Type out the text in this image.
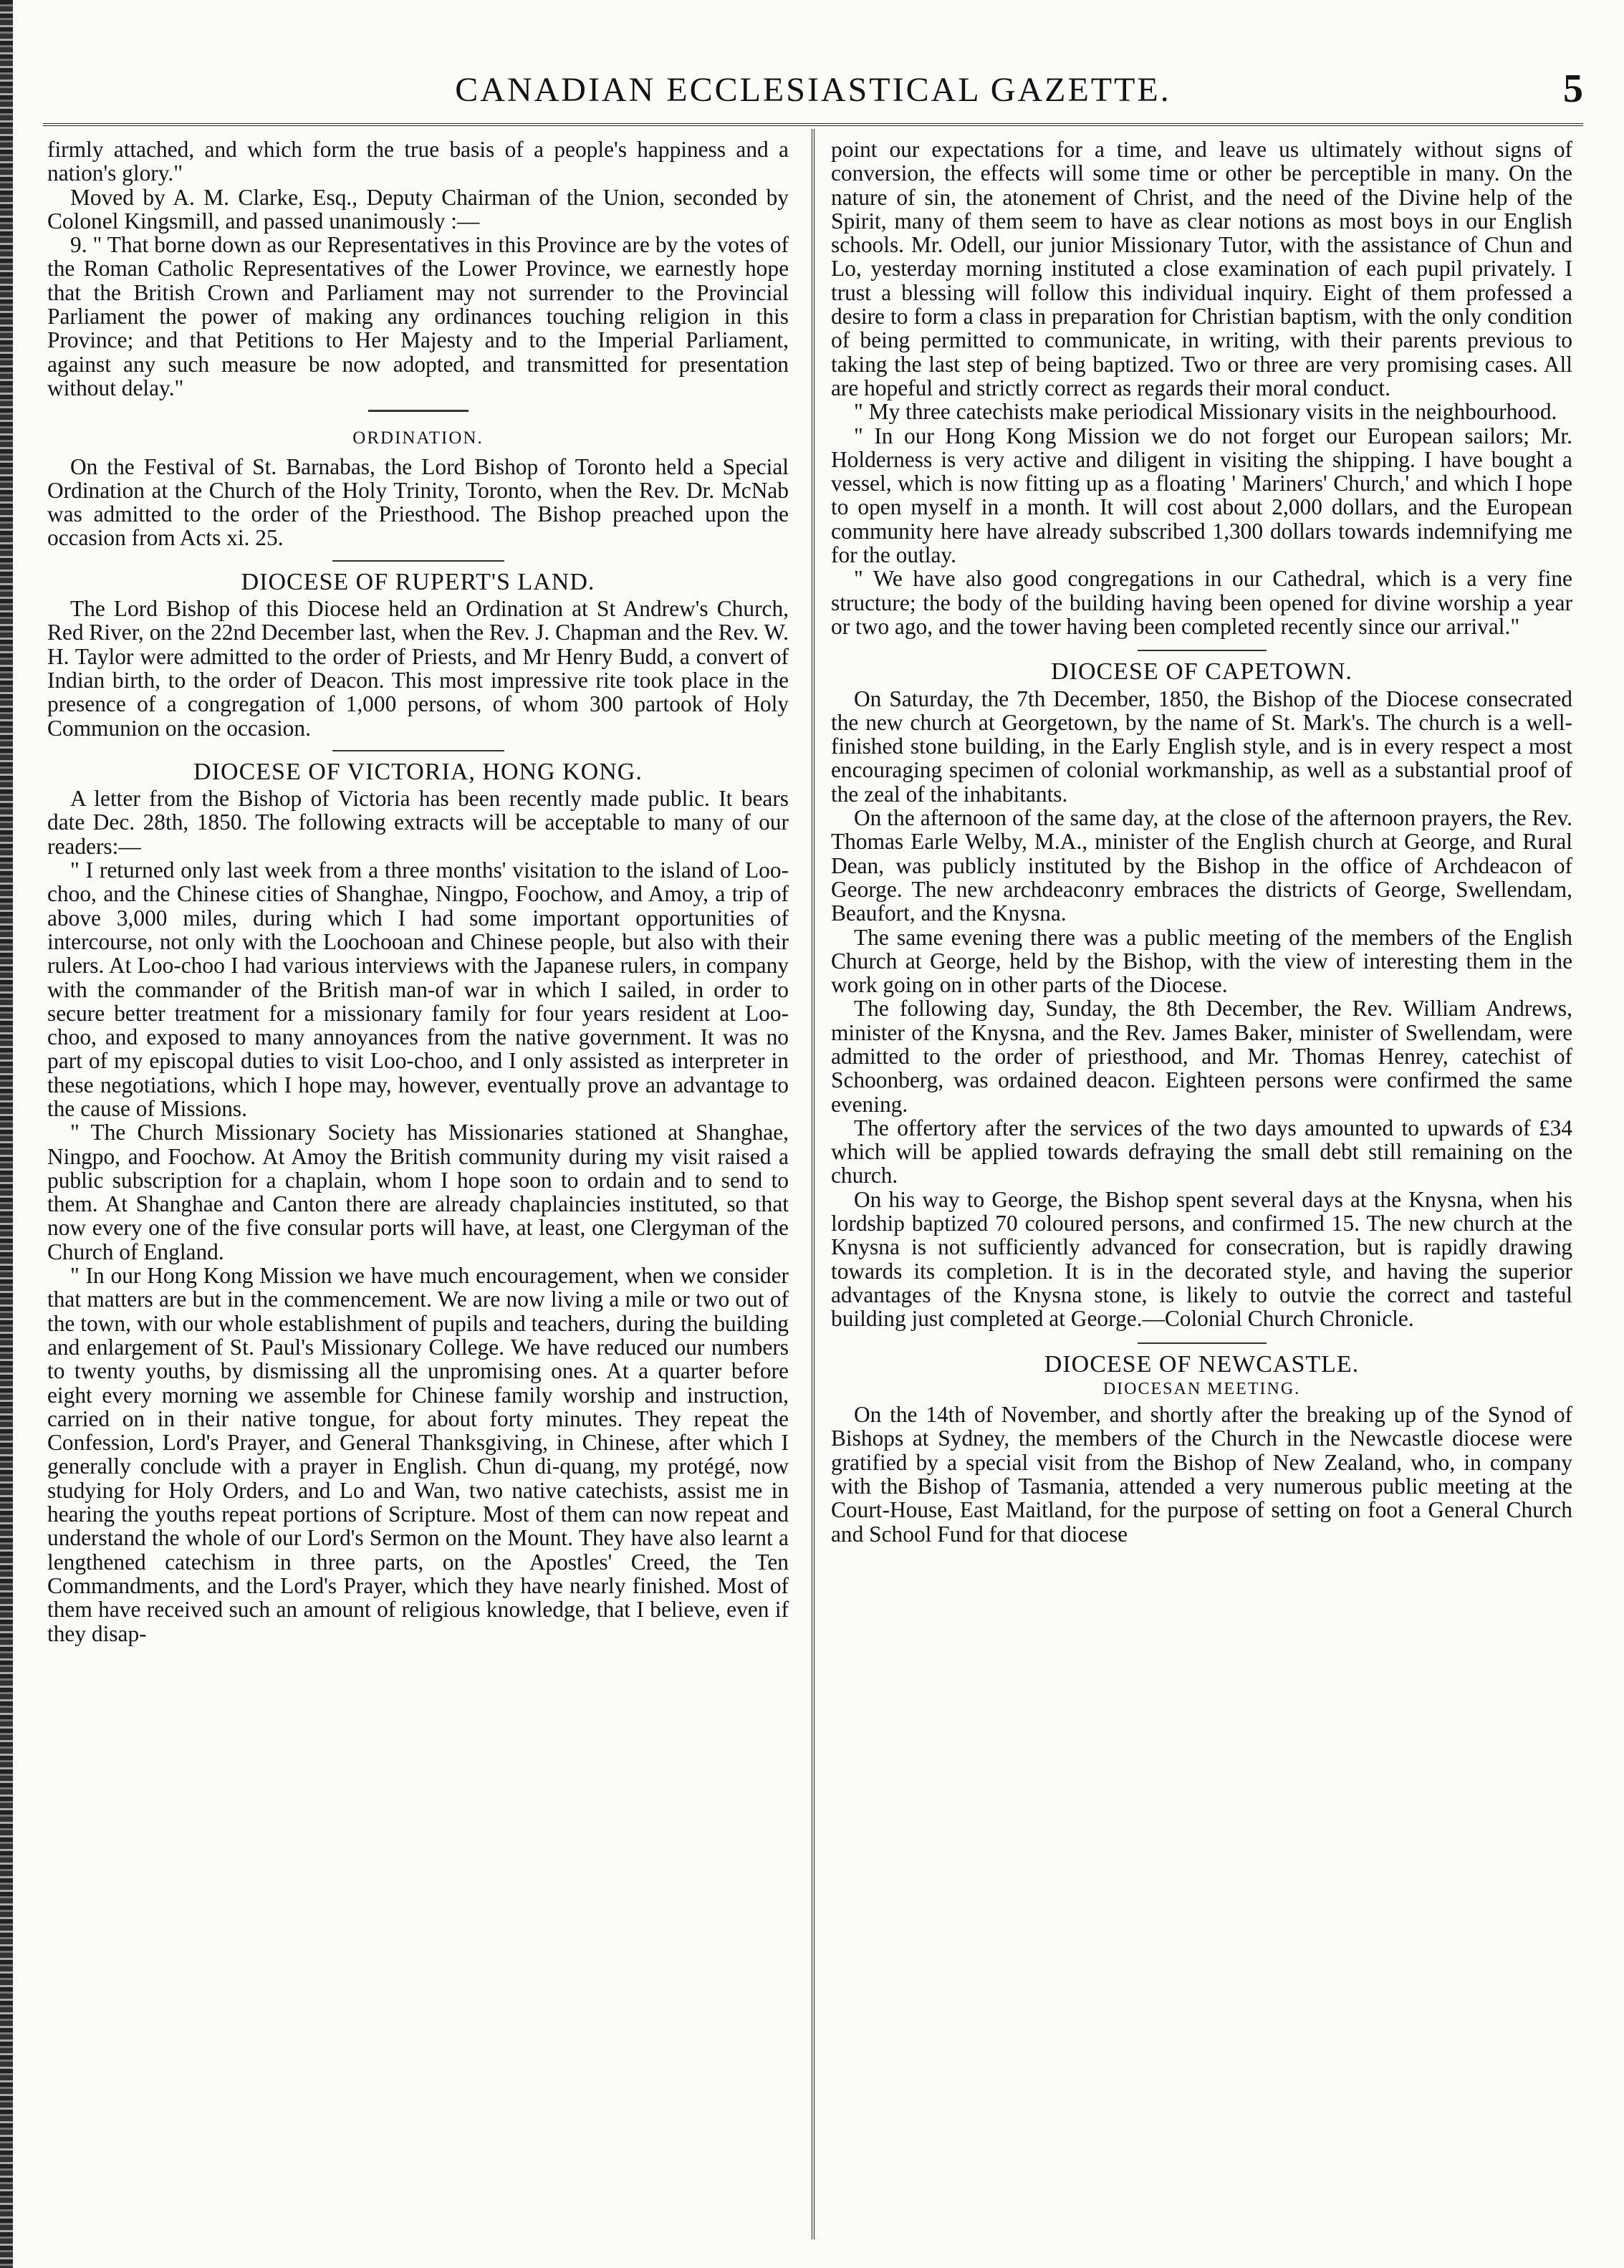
CANADIAN ECCLESIASTICAL GAZETTE.	5

firmly attached, and which form the true basis of a people's happiness and a nation's glory."

Moved by A. M. Clarke, Esq., Deputy Chairman of the Union, seconded by Colonel Kingsmill, and passed unanimously :—

9. " That borne down as our Representatives in this Province are by the votes of the Roman Catholic Representatives of the Lower Province, we earnestly hope that the British Crown and Parliament may not surrender to the Provincial Parliament the power of making any ordinances touching religion in this Province; and that Petitions to Her Majesty and to the Imperial Parliament, against any such measure be now adopted, and transmitted for presentation without delay."

ORDINATION.

On the Festival of St. Barnabas, the Lord Bishop of Toronto held a Special Ordination at the Church of the Holy Trinity, Toronto, when the Rev. Dr. McNab was admitted to the order of the Priesthood. The Bishop preached upon the occasion from Acts xi. 25.

DIOCESE OF RUPERT'S LAND.

The Lord Bishop of this Diocese held an Ordination at St Andrew's Church, Red River, on the 22nd December last, when the Rev. J. Chapman and the Rev. W. H. Taylor were admitted to the order of Priests, and Mr Henry Budd, a convert of Indian birth, to the order of Deacon. This most impressive rite took place in the presence of a congregation of 1,000 persons, of whom 300 partook of Holy Communion on the occasion.

DIOCESE OF VICTORIA, HONG KONG.

A letter from the Bishop of Victoria has been recently made public. It bears date Dec. 28th, 1850. The following extracts will be acceptable to many of our readers:—

" I returned only last week from a three months' visitation to the island of Loo-choo, and the Chinese cities of Shanghae, Ningpo, Foochow, and Amoy, a trip of above 3,000 miles, during which I had some important opportunities of intercourse, not only with the Loochooan and Chinese people, but also with their rulers. At Loo-choo I had various interviews with the Japanese rulers, in company with the commander of the British man-of war in which I sailed, in order to secure better treatment for a missionary family for four years resident at Loo-choo, and exposed to many annoyances from the native government. It was no part of my episcopal duties to visit Loo-choo, and I only assisted as interpreter in these negotiations, which I hope may, however, eventually prove an advantage to the cause of Missions.

" The Church Missionary Society has Missionaries stationed at Shanghae, Ningpo, and Foochow. At Amoy the British community during my visit raised a public subscription for a chaplain, whom I hope soon to ordain and to send to them. At Shanghae and Canton there are already chaplaincies instituted, so that now every one of the five consular ports will have, at least, one Clergyman of the Church of England.

" In our Hong Kong Mission we have much encouragement, when we consider that matters are but in the commencement. We are now living a mile or two out of the town, with our whole establishment of pupils and teachers, during the building and enlargement of St. Paul's Missionary College. We have reduced our numbers to twenty youths, by dismissing all the unpromising ones. At a quarter before eight every morning we assemble for Chinese family worship and instruction, carried on in their native tongue, for about forty minutes. They repeat the Confession, Lord's Prayer, and General Thanksgiving, in Chinese, after which I generally conclude with a prayer in English. Chun di-quang, my protégé, now studying for Holy Orders, and Lo and Wan, two native catechists, assist me in hearing the youths repeat portions of Scripture. Most of them can now repeat and understand the whole of our Lord's Sermon on the Mount. They have also learnt a lengthened catechism in three parts, on the Apostles' Creed, the Ten Commandments, and the Lord's Prayer, which they have nearly finished. Most of them have received such an amount of religious knowledge, that I believe, even if they disap-

point our expectations for a time, and leave us ultimately without signs of conversion, the effects will some time or other be perceptible in many. On the nature of sin, the atonement of Christ, and the need of the Divine help of the Spirit, many of them seem to have as clear notions as most boys in our English schools. Mr. Odell, our junior Missionary Tutor, with the assistance of Chun and Lo, yesterday morning instituted a close examination of each pupil privately. I trust a blessing will follow this individual inquiry. Eight of them professed a desire to form a class in preparation for Christian baptism, with the only condition of being permitted to communicate, in writing, with their parents previous to taking the last step of being baptized. Two or three are very promising cases. All are hopeful and strictly correct as regards their moral conduct.

" My three catechists make periodical Missionary visits in the neighbourhood.

" In our Hong Kong Mission we do not forget our European sailors; Mr. Holderness is very active and diligent in visiting the shipping. I have bought a vessel, which is now fitting up as a floating ' Mariners' Church,' and which I hope to open myself in a month. It will cost about 2,000 dollars, and the European community here have already subscribed 1,300 dollars towards indemnifying me for the outlay.

" We have also good congregations in our Cathedral, which is a very fine structure; the body of the building having been opened for divine worship a year or two ago, and the tower having been completed recently since our arrival."

DIOCESE OF CAPETOWN.

On Saturday, the 7th December, 1850, the Bishop of the Diocese consecrated the new church at Georgetown, by the name of St. Mark's. The church is a well-finished stone building, in the Early English style, and is in every respect a most encouraging specimen of colonial workmanship, as well as a substantial proof of the zeal of the inhabitants.

On the afternoon of the same day, at the close of the afternoon prayers, the Rev. Thomas Earle Welby, M.A., minister of the English church at George, and Rural Dean, was publicly instituted by the Bishop in the office of Archdeacon of George. The new archdeaconry embraces the districts of George, Swellendam, Beaufort, and the Knysna.

The same evening there was a public meeting of the members of the English Church at George, held by the Bishop, with the view of interesting them in the work going on in other parts of the Diocese.

The following day, Sunday, the 8th December, the Rev. William Andrews, minister of the Knysna, and the Rev. James Baker, minister of Swellendam, were admitted to the order of priesthood, and Mr. Thomas Henrey, catechist of Schoonberg, was ordained deacon. Eighteen persons were confirmed the same evening.

The offertory after the services of the two days amounted to upwards of £34 which will be applied towards defraying the small debt still remaining on the church.

On his way to George, the Bishop spent several days at the Knysna, when his lordship baptized 70 coloured persons, and confirmed 15. The new church at the Knysna is not sufficiently advanced for consecration, but is rapidly drawing towards its completion. It is in the decorated style, and having the superior advantages of the Knysna stone, is likely to outvie the correct and tasteful building just completed at George.—Colonial Church Chronicle.

DIOCESE OF NEWCASTLE.
DIOCESAN MEETING.

On the 14th of November, and shortly after the breaking up of the Synod of Bishops at Sydney, the members of the Church in the Newcastle diocese were gratified by a special visit from the Bishop of New Zealand, who, in company with the Bishop of Tasmania, attended a very numerous public meeting at the Court-House, East Maitland, for the purpose of setting on foot a General Church and School Fund for that diocese
